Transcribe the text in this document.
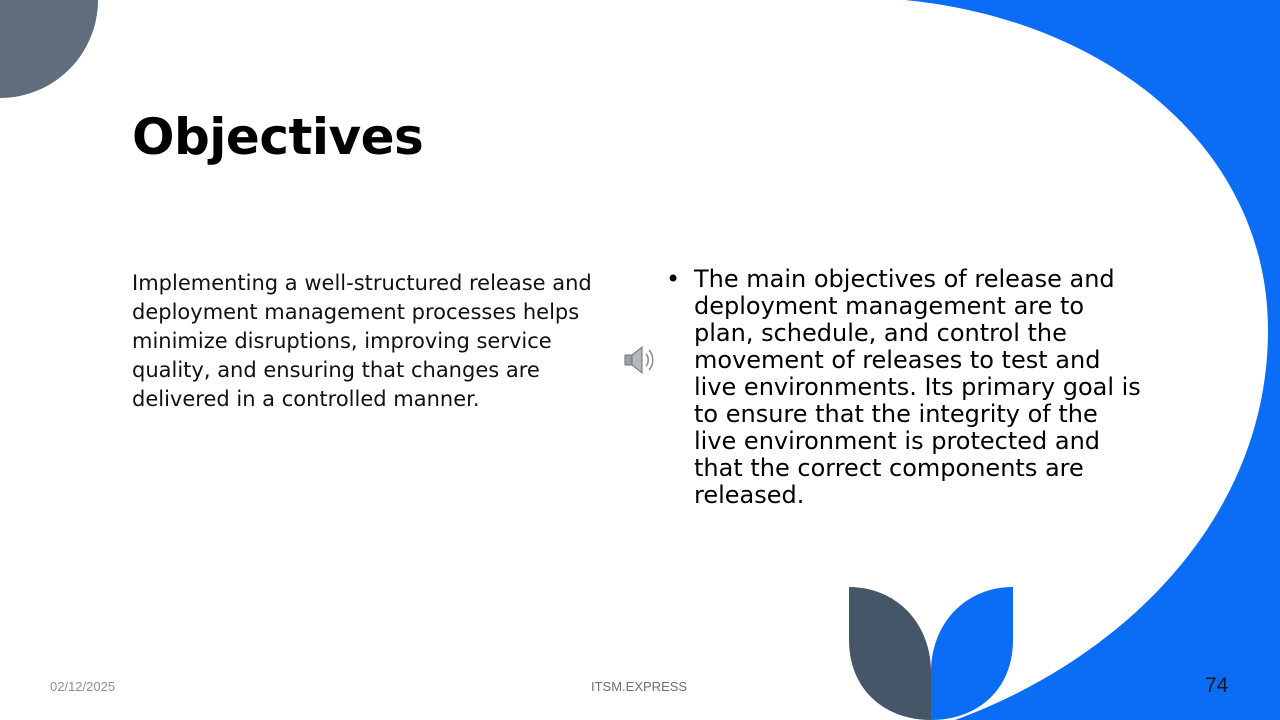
Objectives

Implementing a well-structured release and deployment management processes helps minimize disruptions, improving service quality, and ensuring that changes are delivered in a controlled manner.

• The main objectives of release and deployment management are to plan, schedule, and control the movement of releases to test and live environments. Its primary goal is to ensure that the integrity of the live environment is protected and that the correct components are released.

02/12/2025	ITSM.EXPRESS	74
